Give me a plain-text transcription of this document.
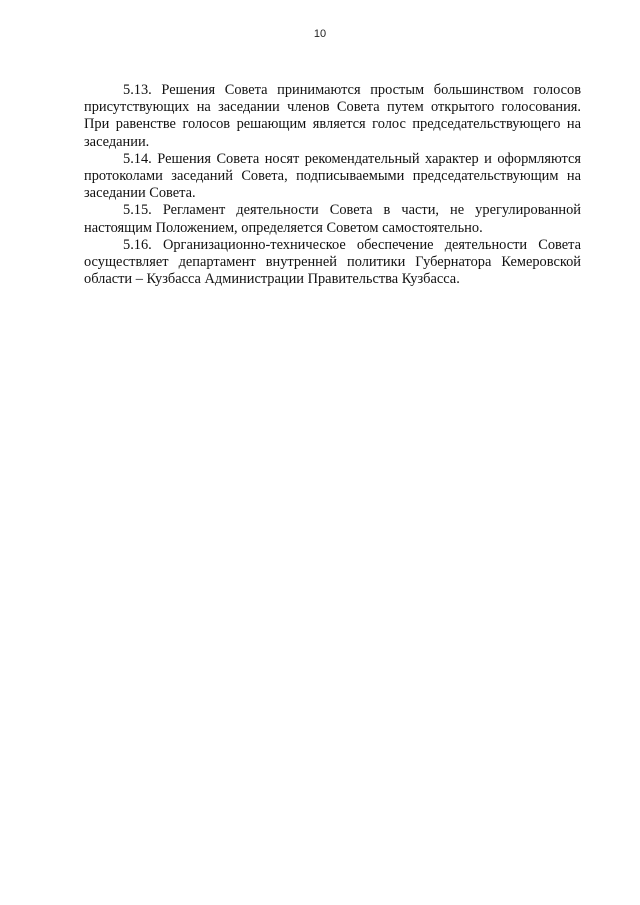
10

5.13. Решения Совета принимаются простым большинством голосов присутствующих на заседании членов Совета путем открытого голосования. При равенстве голосов решающим является голос председательствующего на заседании.

5.14. Решения Совета носят рекомендательный характер и оформляются протоколами заседаний Совета, подписываемыми председательствующим на заседании Совета.

5.15. Регламент деятельности Совета в части, не урегулированной настоящим Положением, определяется Советом самостоятельно.

5.16. Организационно-техническое обеспечение деятельности Совета осуществляет департамент внутренней политики Губернатора Кемеровской области – Кузбасса Администрации Правительства Кузбасса.
